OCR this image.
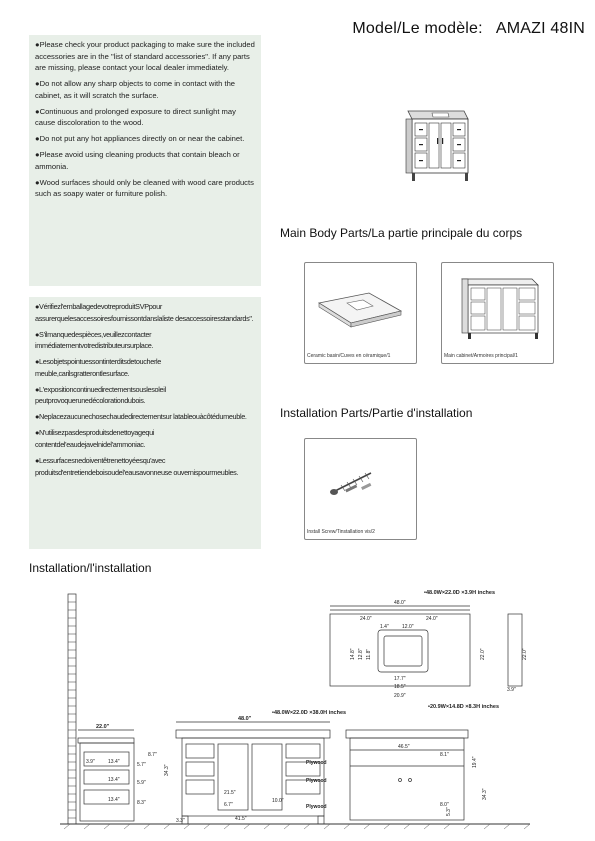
Model/Le modèle: AMAZI 48IN

●Please check your product packaging to make sure the included accessories are in the "list of standard accessories". If any parts are missing, please contact your local dealer immediately.

●Do not allow any sharp objects to come in contact with the cabinet, as it will scratch the surface.

●Continuous and prolonged exposure to direct sunlight may cause discoloration to the wood.

●Do not put any hot appliances directly on or near the cabinet.

●Please avoid using cleaning products that contain bleach or ammonia.

●Wood surfaces should only be cleaned with wood care products such as soapy water or furniture polish.

●Vérifiezl'emballagedevotreproduitSVPpour assurerquelesaccessoiresfournissontdanslaliste desaccessoiresstandards".

●S'ilmanquedespièces,veuillezcontacter immédiatementvotredistributeursurplace.

●Lesobjetspointuessontinterditsdetoucherle meuble,carilsgratterontlesurface.

●L'expositioncontinuedirectementsouslesoleil peutprovoquerunedécolorationdubois.

●Neplacezaucunechosechaudedirectementsur latableouàcôtédumeuble.

●N'utilisezpasdesproduitsdenettoyagequi contentdel'eaudejavelnidel'ammoniac.

●Lessurfacesnedoiventêtrenettoyéesqu'avec produitsd'entretiendeboisoudel'eausavonneuse ouvernispourmeubles.

Main Body Parts/La partie principale du corps
Ceramic basin/Cuves en céramique/1	Main cabinet/Armoires principal/1
Installation Parts/Partie d'installation
Install Screw/Tinstallation vis/2
Installation/l'installation
22.0"
3.9"	13.4"
13.4"
13.4"
8.7"
5.7"
5.9"
8.3"
48.0"
•48.0W×22.0D ×38.0H inches
34.3"
21.5"
6.7"
10.0"
41.5"
3.3"
Plywood
Plywood
Plywood
46.5"
8.1"
8.0"
34.3"
19.4"
5.3"
•48.0W×22.0D ×3.9H inches
48.0"
24.0"	24.0"
1.4"	12.0"
14.8" 12.8" 11.8"	22.0"	22.0"
3.9"
17.7"
18.5"
20.9"
•20.9W×14.8D ×8.3H inches
